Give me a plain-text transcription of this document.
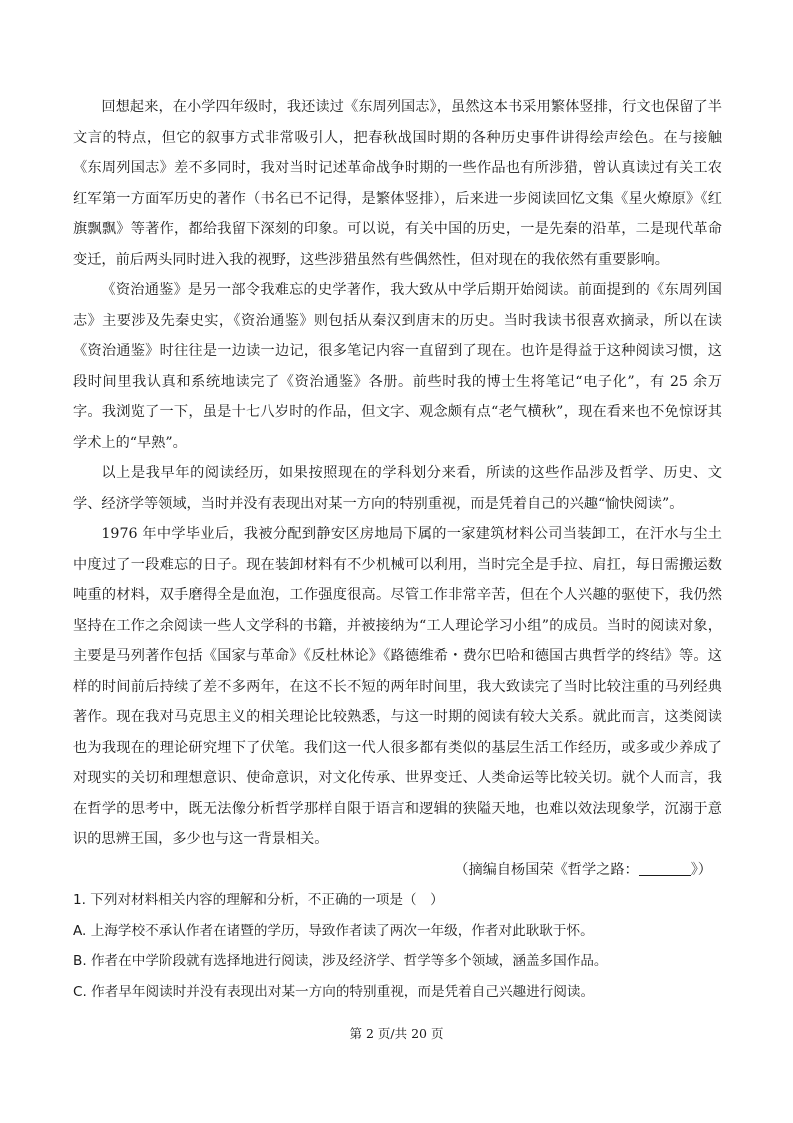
回想起来，在小学四年级时，我还读过《东周列国志》，虽然这本书采用繁体竖排，行文也保留了半文言的特点，但它的叙事方式非常吸引人，把春秋战国时期的各种历史事件讲得绘声绘色。在与接触《东周列国志》差不多同时，我对当时记述革命战争时期的一些作品也有所涉猎，曾认真读过有关工农红军第一方面军历史的著作（书名已不记得，是繁体竖排），后来进一步阅读回忆文集《星火燎原》《红旗飘飘》等著作，都给我留下深刻的印象。可以说，有关中国的历史，一是先秦的沿革，二是现代革命变迁，前后两头同时进入我的视野，这些涉猎虽然有些偶然性，但对现在的我依然有重要影响。

《资治通鉴》是另一部令我难忘的史学著作，我大致从中学后期开始阅读。前面提到的《东周列国志》主要涉及先秦史实，《资治通鉴》则包括从秦汉到唐末的历史。当时我读书很喜欢摘录，所以在读《资治通鉴》时往往是一边读一边记，很多笔记内容一直留到了现在。也许是得益于这种阅读习惯，这段时间里我认真和系统地读完了《资治通鉴》各册。前些时我的博士生将笔记“电子化”，有 25 余万字。我浏览了一下，虽是十七八岁时的作品，但文字、观念颇有点“老气横秋”，现在看来也不免惊讶其学术上的“早熟”。

以上是我早年的阅读经历，如果按照现在的学科划分来看，所读的这些作品涉及哲学、历史、文学、经济学等领域，当时并没有表现出对某一方向的特别重视，而是凭着自己的兴趣“愉快阅读”。

1976 年中学毕业后，我被分配到静安区房地局下属的一家建筑材料公司当装卸工，在汗水与尘土中度过了一段难忘的日子。现在装卸材料有不少机械可以利用，当时完全是手拉、肩扛，每日需搬运数吨重的材料，双手磨得全是血泡，工作强度很高。尽管工作非常辛苦，但在个人兴趣的驱使下，我仍然坚持在工作之余阅读一些人文学科的书籍，并被接纳为“工人理论学习小组”的成员。当时的阅读对象，主要是马列著作包括《国家与革命》《反杜林论》《路德维希・费尔巴哈和德国古典哲学的终结》等。这样的时间前后持续了差不多两年，在这不长不短的两年时间里，我大致读完了当时比较注重的马列经典著作。现在我对马克思主义的相关理论比较熟悉，与这一时期的阅读有较大关系。就此而言，这类阅读也为我现在的理论研究埋下了伏笔。我们这一代人很多都有类似的基层生活工作经历，或多或少养成了对现实的关切和理想意识、使命意识，对文化传承、世界变迁、人类命运等比较关切。就个人而言，我在哲学的思考中，既无法像分析哲学那样自限于语言和逻辑的狭隘天地，也难以效法现象学，沉溺于意识的思辨王国，多少也与这一背景相关。

（摘编自杨国荣《哲学之路：	》）

1. 下列对材料相关内容的理解和分析，不正确的一项是（　）

A. 上海学校不承认作者在诸暨的学历，导致作者读了两次一年级，作者对此耿耿于怀。

B. 作者在中学阶段就有选择地进行阅读，涉及经济学、哲学等多个领域，涵盖多国作品。

C. 作者早年阅读时并没有表现出对某一方向的特别重视，而是凭着自己兴趣进行阅读。

第 2 页/共 20 页
